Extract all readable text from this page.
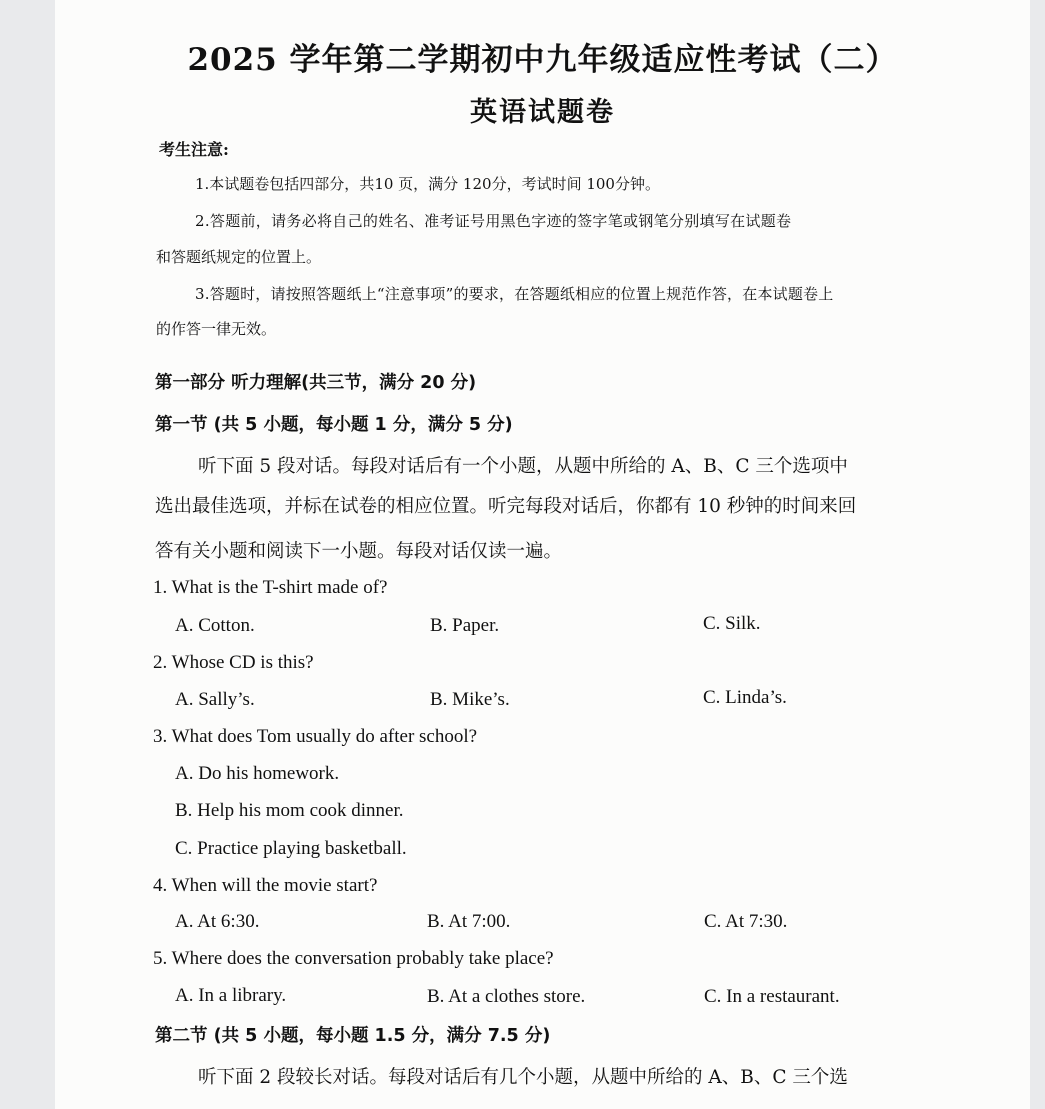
2025 学年第二学期初中九年级适应性考试（二）
英语试题卷
考生注意:
1.本试题卷包括四部分，共10 页，满分 120分，考试时间 100分钟。
2.答题前，请务必将自己的姓名、准考证号用黑色字迹的签字笔或钢笔分别填写在试题卷
和答题纸规定的位置上。
3.答题时，请按照答题纸上“注意事项”的要求，在答题纸相应的位置上规范作答，在本试题卷上
的作答一律无效。
第一部分 听力理解(共三节，满分 20 分)
第一节 (共 5 小题，每小题 1 分，满分 5 分)
听下面 5 段对话。每段对话后有一个小题，从题中所给的 A、B、C 三个选项中
选出最佳选项，并标在试卷的相应位置。听完每段对话后，你都有 10 秒钟的时间来回
答有关小题和阅读下一小题。每段对话仅读一遍。
1. What is the T-shirt made of?
A. Cotton.	B. Paper.	C. Silk.
2. Whose CD is this?
A. Sally’s.	B. Mike’s.	C. Linda’s.
3. What does Tom usually do after school?
A. Do his homework.
B. Help his mom cook dinner.
C. Practice playing basketball.
4. When will the movie start?
A. At 6:30.	B. At 7:00.	C. At 7:30.
5. Where does the conversation probably take place?
A. In a library.	B. At a clothes store.	C. In a restaurant.
第二节 (共 5 小题，每小题 1.5 分，满分 7.5 分)
听下面 2 段较长对话。每段对话后有几个小题，从题中所给的 A、B、C 三个选
